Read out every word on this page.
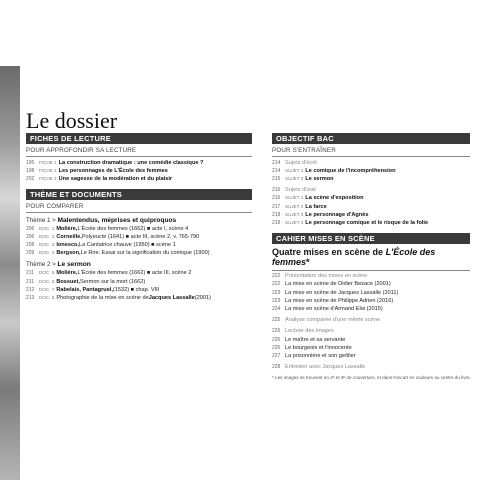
Le dossier
FICHES DE LECTURE
POUR APPROFONDIR SA LECTURE
195	FICHE 1 La construction dramatique : une comédie classique ?
198	FICHE 2 Les personnages de L'École des femmes
202	FICHE 3 Une sagesse de la modération et du plaisir
THÈME ET DOCUMENTS
POUR COMPARER
Thème 1 > Malentendus, méprises et quiproquos
206	DOC. 1 Molière, L'École des femmes (1662) ■ acte I, scène 4
206	DOC. 2 Corneille, Polyeucte (1641) ■ acte III, scène 2, v. 765-790
208	DOC. 3 Ionesco, La Cantatrice chauve (1950) ■ scène 1
209	DOC. 4 Bergson, Le Rire. Essai sur la signification du comique (1900)
Thème 2 > Le sermon
211	DOC. 5 Molière, L'École des femmes (1662) ■ acte III, scène 2
211	DOC. 6 Bossuet, Sermon sur la mort (1662)
212	DOC. 7 Rabelais, Pantagruel, (1532) ■ chap. VIII
213	DOC. 8 Photographie de la mise en scène de Jacques Lassalle (2001)
OBJECTIF BAC
POUR S'ENTRAÎNER
214 Sujets d'écrit
214	SUJET 1 Le comique de l'incompréhension
215	SUJET 2 Le sermon
216 Sujets d'oral
216	SUJET 1 La scène d'exposition
217	SUJET 2 La farce
218	SUJET 3 Le personnage d'Agnès
219	SUJET 4 Le personnage comique et le risque de la folie
CAHIER MISES EN SCÈNE
Quatre mises en scène de L'École des femmes*
222 Présentation des mises en scène
222 La mise en scène de Didier Bezace (2001)
223 La mise en scène de Jacques Lassalle (2011)
223 La mise en scène de Philippe Adrien (2016)
224 La mise en scène d'Armand Eloi (2015)
225 Analyse comparée d'une même scène
226 Lecture des images
226 Le maître et sa servante
226 Le bourgeois et l'innocente
227 La prisonnière et son geôlier
228 Entretien avec Jacques Lassalle
* Les images se trouvent en 2ᵉ et 3ᵉ de couverture, et dans l'encart en couleurs au centre du livre.
